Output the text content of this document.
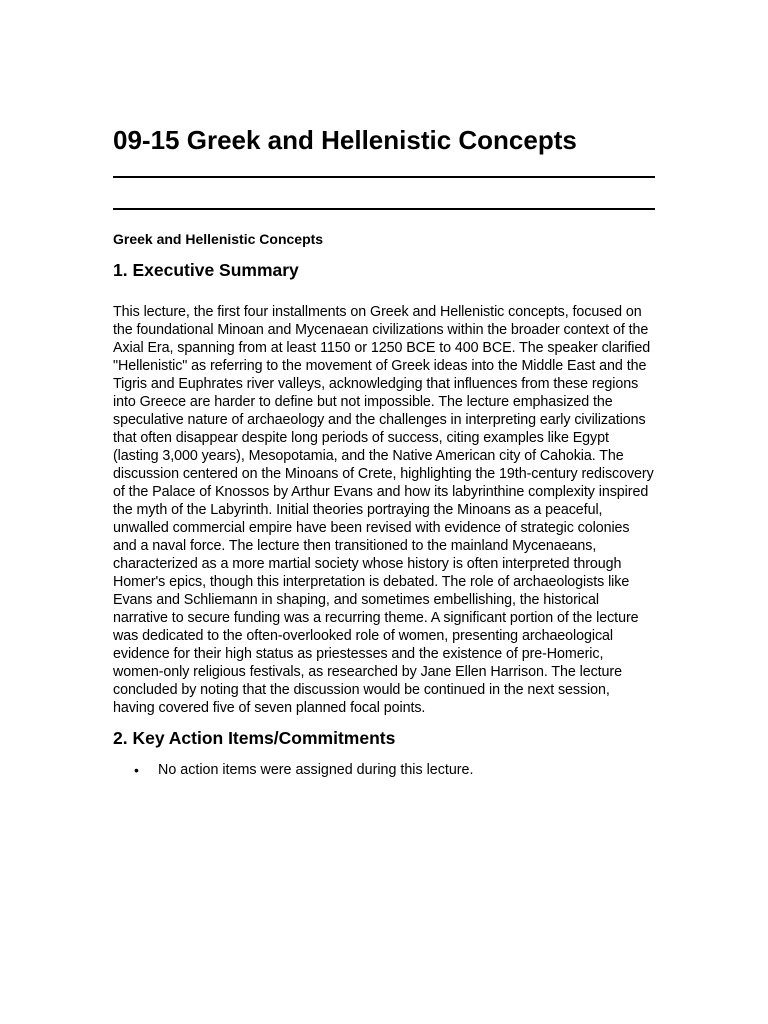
09-15 Greek and Hellenistic Concepts
Greek and Hellenistic Concepts
1. Executive Summary

This lecture, the first four installments on Greek and Hellenistic concepts, focused on the foundational Minoan and Mycenaean civilizations within the broader context of the Axial Era, spanning from at least 1150 or 1250 BCE to 400 BCE. The speaker clarified "Hellenistic" as referring to the movement of Greek ideas into the Middle East and the Tigris and Euphrates river valleys, acknowledging that influences from these regions into Greece are harder to define but not impossible. The lecture emphasized the speculative nature of archaeology and the challenges in interpreting early civilizations that often disappear despite long periods of success, citing examples like Egypt (lasting 3,000 years), Mesopotamia, and the Native American city of Cahokia. The discussion centered on the Minoans of Crete, highlighting the 19th-century rediscovery of the Palace of Knossos by Arthur Evans and how its labyrinthine complexity inspired the myth of the Labyrinth. Initial theories portraying the Minoans as a peaceful, unwalled commercial empire have been revised with evidence of strategic colonies and a naval force. The lecture then transitioned to the mainland Mycenaeans, characterized as a more martial society whose history is often interpreted through Homer's epics, though this interpretation is debated. The role of archaeologists like Evans and Schliemann in shaping, and sometimes embellishing, the historical narrative to secure funding was a recurring theme. A significant portion of the lecture was dedicated to the often-overlooked role of women, presenting archaeological evidence for their high status as priestesses and the existence of pre-Homeric, women-only religious festivals, as researched by Jane Ellen Harrison. The lecture concluded by noting that the discussion would be continued in the next session, having covered five of seven planned focal points.

2. Key Action Items/Commitments
• No action items were assigned during this lecture.
